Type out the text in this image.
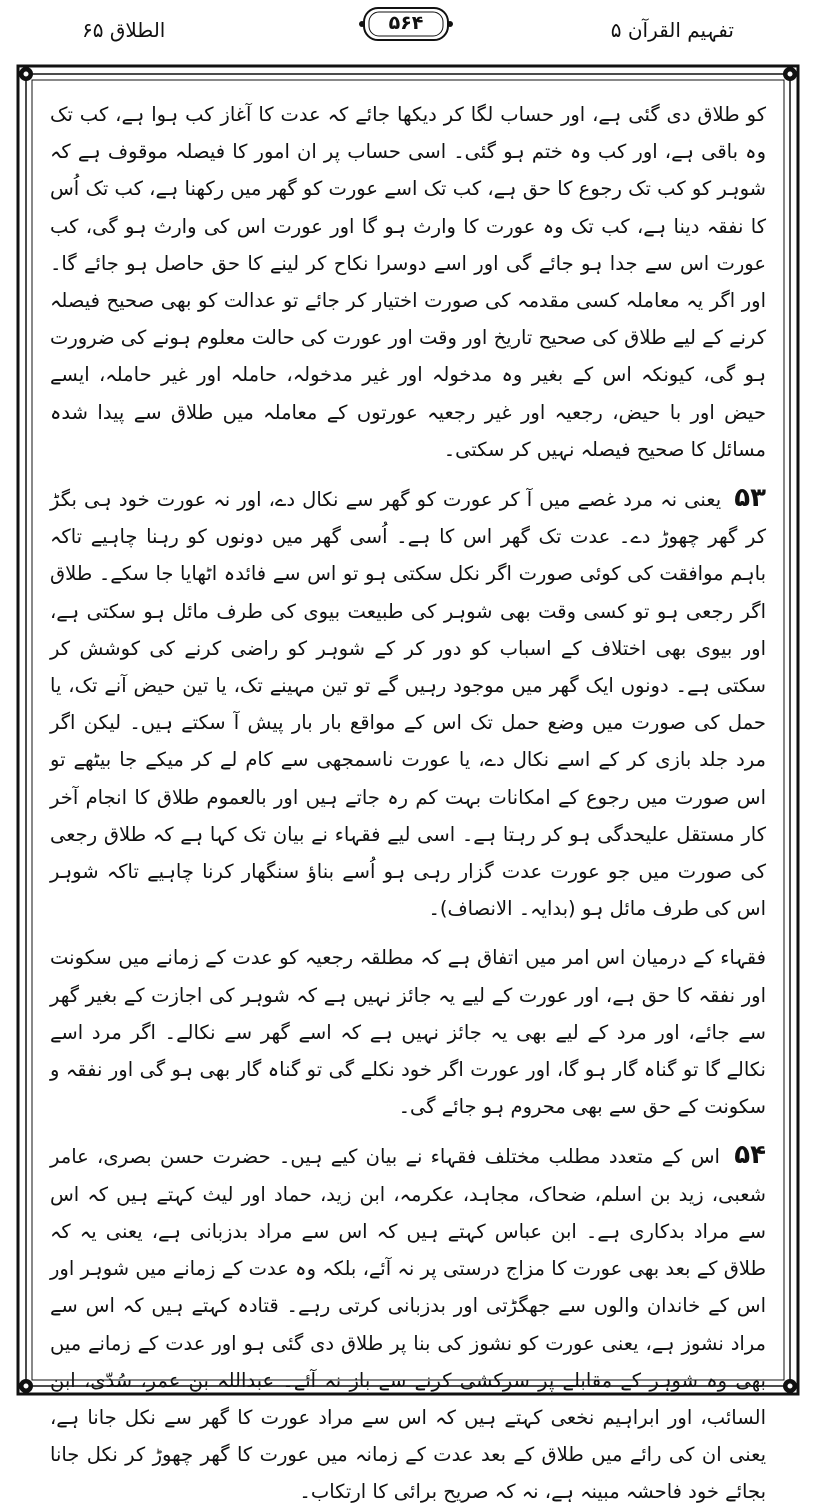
الطلاق ۶۵	۵۶۴	تفہیم القرآن ۵

کو طلاق دی گئی ہے، اور حساب لگا کر دیکھا جائے کہ عدت کا آغاز کب ہوا ہے، کب تک وہ باقی ہے، اور کب وہ ختم ہو گئی۔ اسی حساب پر ان امور کا فیصلہ موقوف ہے کہ شوہر کو کب تک رجوع کا حق ہے، کب تک اسے عورت کو گھر میں رکھنا ہے، کب تک اُس کا نفقہ دینا ہے، کب تک وہ عورت کا وارث ہو گا اور عورت اس کی وارث ہو گی، کب عورت اس سے جدا ہو جائے گی اور اسے دوسرا نکاح کر لینے کا حق حاصل ہو جائے گا۔ اور اگر یہ معاملہ کسی مقدمہ کی صورت اختیار کر جائے تو عدالت کو بھی صحیح فیصلہ کرنے کے لیے طلاق کی صحیح تاریخ اور وقت اور عورت کی حالت معلوم ہونے کی ضرورت ہو گی، کیونکہ اس کے بغیر وہ مدخولہ اور غیر مدخولہ، حاملہ اور غیر حاملہ، ایسے حیض اور با حیض، رجعیہ اور غیر رجعیہ عورتوں کے معاملہ میں طلاق سے پیدا شدہ مسائل کا صحیح فیصلہ نہیں کر سکتی۔

۵۳ یعنی نہ مرد غصے میں آ کر عورت کو گھر سے نکال دے، اور نہ عورت خود ہی بگڑ کر گھر چھوڑ دے۔ عدت تک گھر اس کا ہے۔ اُسی گھر میں دونوں کو رہنا چاہیے تاکہ باہم موافقت کی کوئی صورت اگر نکل سکتی ہو تو اس سے فائدہ اٹھایا جا سکے۔ طلاق اگر رجعی ہو تو کسی وقت بھی شوہر کی طبیعت بیوی کی طرف مائل ہو سکتی ہے، اور بیوی بھی اختلاف کے اسباب کو دور کر کے شوہر کو راضی کرنے کی کوشش کر سکتی ہے۔ دونوں ایک گھر میں موجود رہیں گے تو تین مہینے تک، یا تین حیض آنے تک، یا حمل کی صورت میں وضع حمل تک اس کے مواقع بار بار پیش آ سکتے ہیں۔ لیکن اگر مرد جلد بازی کر کے اسے نکال دے، یا عورت ناسمجھی سے کام لے کر میکے جا بیٹھے تو اس صورت میں رجوع کے امکانات بہت کم رہ جاتے ہیں اور بالعموم طلاق کا انجام آخر کار مستقل علیحدگی ہو کر رہتا ہے۔ اسی لیے فقہاء نے بیان تک کہا ہے کہ طلاق رجعی کی صورت میں جو عورت عدت گزار رہی ہو اُسے بناؤ سنگھار کرنا چاہیے تاکہ شوہر اس کی طرف مائل ہو (بدایہ۔ الانصاف)۔

فقہاء کے درمیان اس امر میں اتفاق ہے کہ مطلقہ رجعیہ کو عدت کے زمانے میں سکونت اور نفقہ کا حق ہے، اور عورت کے لیے یہ جائز نہیں ہے کہ شوہر کی اجازت کے بغیر گھر سے جائے، اور مرد کے لیے بھی یہ جائز نہیں ہے کہ اسے گھر سے نکالے۔ اگر مرد اسے نکالے گا تو گناہ گار ہو گا، اور عورت اگر خود نکلے گی تو گناہ گار بھی ہو گی اور نفقہ و سکونت کے حق سے بھی محروم ہو جائے گی۔

۵۴ اس کے متعدد مطلب مختلف فقہاء نے بیان کیے ہیں۔ حضرت حسن بصری، عامر شعبی، زید بن اسلم، ضحاک، مجاہد، عکرمہ، ابن زید، حماد اور لیث کہتے ہیں کہ اس سے مراد بدکاری ہے۔ ابن عباس کہتے ہیں کہ اس سے مراد بدزبانی ہے، یعنی یہ کہ طلاق کے بعد بھی عورت کا مزاج درستی پر نہ آئے، بلکہ وہ عدت کے زمانے میں شوہر اور اس کے خاندان والوں سے جھگڑتی اور بدزبانی کرتی رہے۔ قتادہ کہتے ہیں کہ اس سے مراد نشوز ہے، یعنی عورت کو نشوز کی بنا پر طلاق دی گئی ہو اور عدت کے زمانے میں بھی وہ شوہر کے مقابلے پر سرکشی کرنے سے باز نہ آئے۔ عبداللہ بن عمر، سُدّی، ابن السائب، اور ابراہیم نخعی کہتے ہیں کہ اس سے مراد عورت کا گھر سے نکل جانا ہے، یعنی ان کی رائے میں طلاق کے بعد عدت کے زمانہ میں عورت کا گھر چھوڑ کر نکل جانا بجائے خود فاحشہ مبینہ ہے، نہ کہ صریح برائی کا ارتکاب۔
